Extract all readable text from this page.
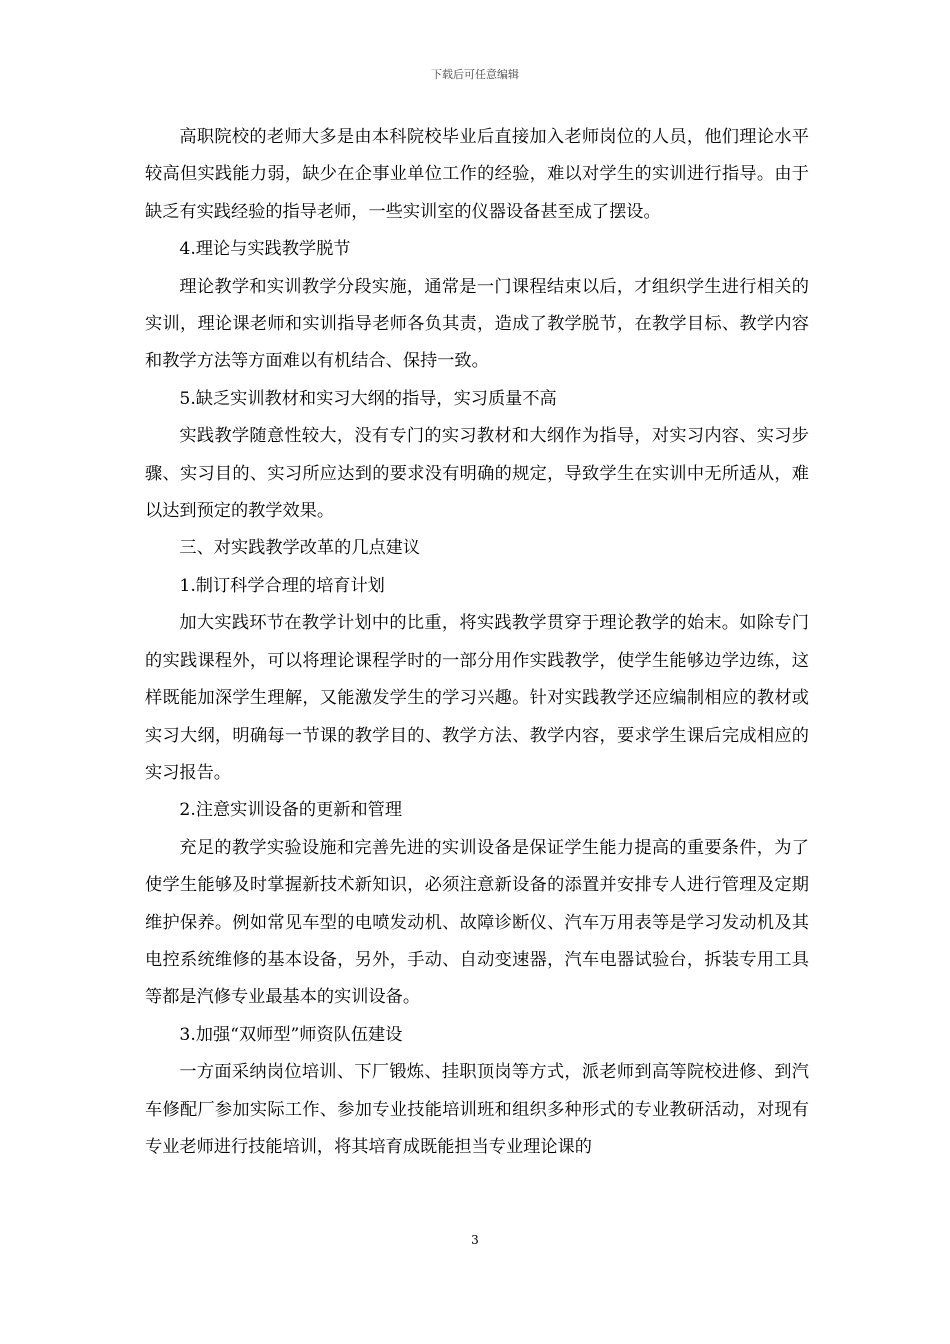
下载后可任意编辑

高职院校的老师大多是由本科院校毕业后直接加入老师岗位的人员，他们理论水平较高但实践能力弱，缺少在企事业单位工作的经验，难以对学生的实训进行指导。由于缺乏有实践经验的指导老师，一些实训室的仪器设备甚至成了摆设。

4.理论与实践教学脱节

理论教学和实训教学分段实施，通常是一门课程结束以后，才组织学生进行相关的实训，理论课老师和实训指导老师各负其责，造成了教学脱节，在教学目标、教学内容和教学方法等方面难以有机结合、保持一致。

5.缺乏实训教材和实习大纲的指导，实习质量不高

实践教学随意性较大，没有专门的实习教材和大纲作为指导，对实习内容、实习步骤、实习目的、实习所应达到的要求没有明确的规定，导致学生在实训中无所适从，难以达到预定的教学效果。

三、对实践教学改革的几点建议

1.制订科学合理的培育计划

加大实践环节在教学计划中的比重，将实践教学贯穿于理论教学的始末。如除专门的实践课程外，可以将理论课程学时的一部分用作实践教学，使学生能够边学边练，这样既能加深学生理解，又能激发学生的学习兴趣。针对实践教学还应编制相应的教材或实习大纲，明确每一节课的教学目的、教学方法、教学内容，要求学生课后完成相应的实习报告。

2.注意实训设备的更新和管理

充足的教学实验设施和完善先进的实训设备是保证学生能力提高的重要条件，为了使学生能够及时掌握新技术新知识，必须注意新设备的添置并安排专人进行管理及定期维护保养。例如常见车型的电喷发动机、故障诊断仪、汽车万用表等是学习发动机及其电控系统维修的基本设备，另外，手动、自动变速器，汽车电器试验台，拆装专用工具等都是汽修专业最基本的实训设备。

3.加强“双师型”师资队伍建设

一方面采纳岗位培训、下厂锻炼、挂职顶岗等方式，派老师到高等院校进修、到汽车修配厂参加实际工作、参加专业技能培训班和组织多种形式的专业教研活动，对现有专业老师进行技能培训，将其培育成既能担当专业理论课的

3
